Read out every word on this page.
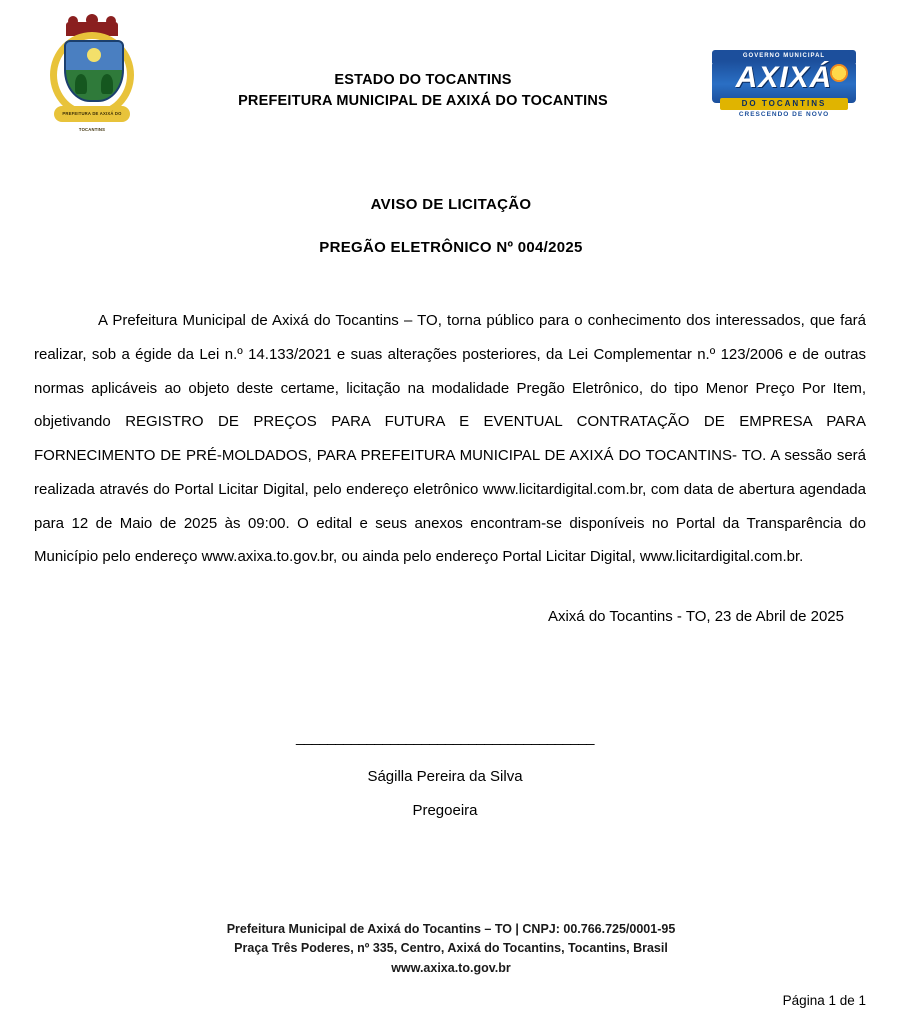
PREFEITURA DE AXIXÁ DO TOCANTINS
ESTADO DO TOCANTINS
PREFEITURA MUNICIPAL DE AXIXÁ DO TOCANTINS
GOVERNO MUNICIPAL
AXIXÁ
DO TOCANTINS
CRESCENDO DE NOVO
AVISO DE LICITAÇÃO
PREGÃO ELETRÔNICO Nº 004/2025
A Prefeitura Municipal de Axixá do Tocantins – TO, torna público para o conhecimento dos interessados, que fará realizar, sob a égide da Lei n.º 14.133/2021 e suas alterações posteriores, da Lei Complementar n.º 123/2006 e de outras normas aplicáveis ao objeto deste certame, licitação na modalidade Pregão Eletrônico, do tipo Menor Preço Por Item, objetivando REGISTRO DE PREÇOS PARA FUTURA E EVENTUAL CONTRATAÇÃO DE EMPRESA PARA FORNECIMENTO DE PRÉ-MOLDADOS, PARA PREFEITURA MUNICIPAL DE AXIXÁ DO TOCANTINS- TO. A sessão será realizada através do Portal Licitar Digital, pelo endereço eletrônico www.licitardigital.com.br, com data de abertura agendada para 12 de Maio de 2025 às 09:00. O edital e seus anexos encontram-se disponíveis no Portal da Transparência do Município pelo endereço www.axixa.to.gov.br, ou ainda pelo endereço Portal Licitar Digital, www.licitardigital.com.br.
Axixá do Tocantins - TO, 23 de Abril de 2025
______________________________________
Ságilla Pereira da Silva
Pregoeira
Prefeitura Municipal de Axixá do Tocantins – TO | CNPJ: 00.766.725/0001-95
Praça Três Poderes, nº 335, Centro, Axixá do Tocantins, Tocantins, Brasil
www.axixa.to.gov.br
Página 1 de 1
